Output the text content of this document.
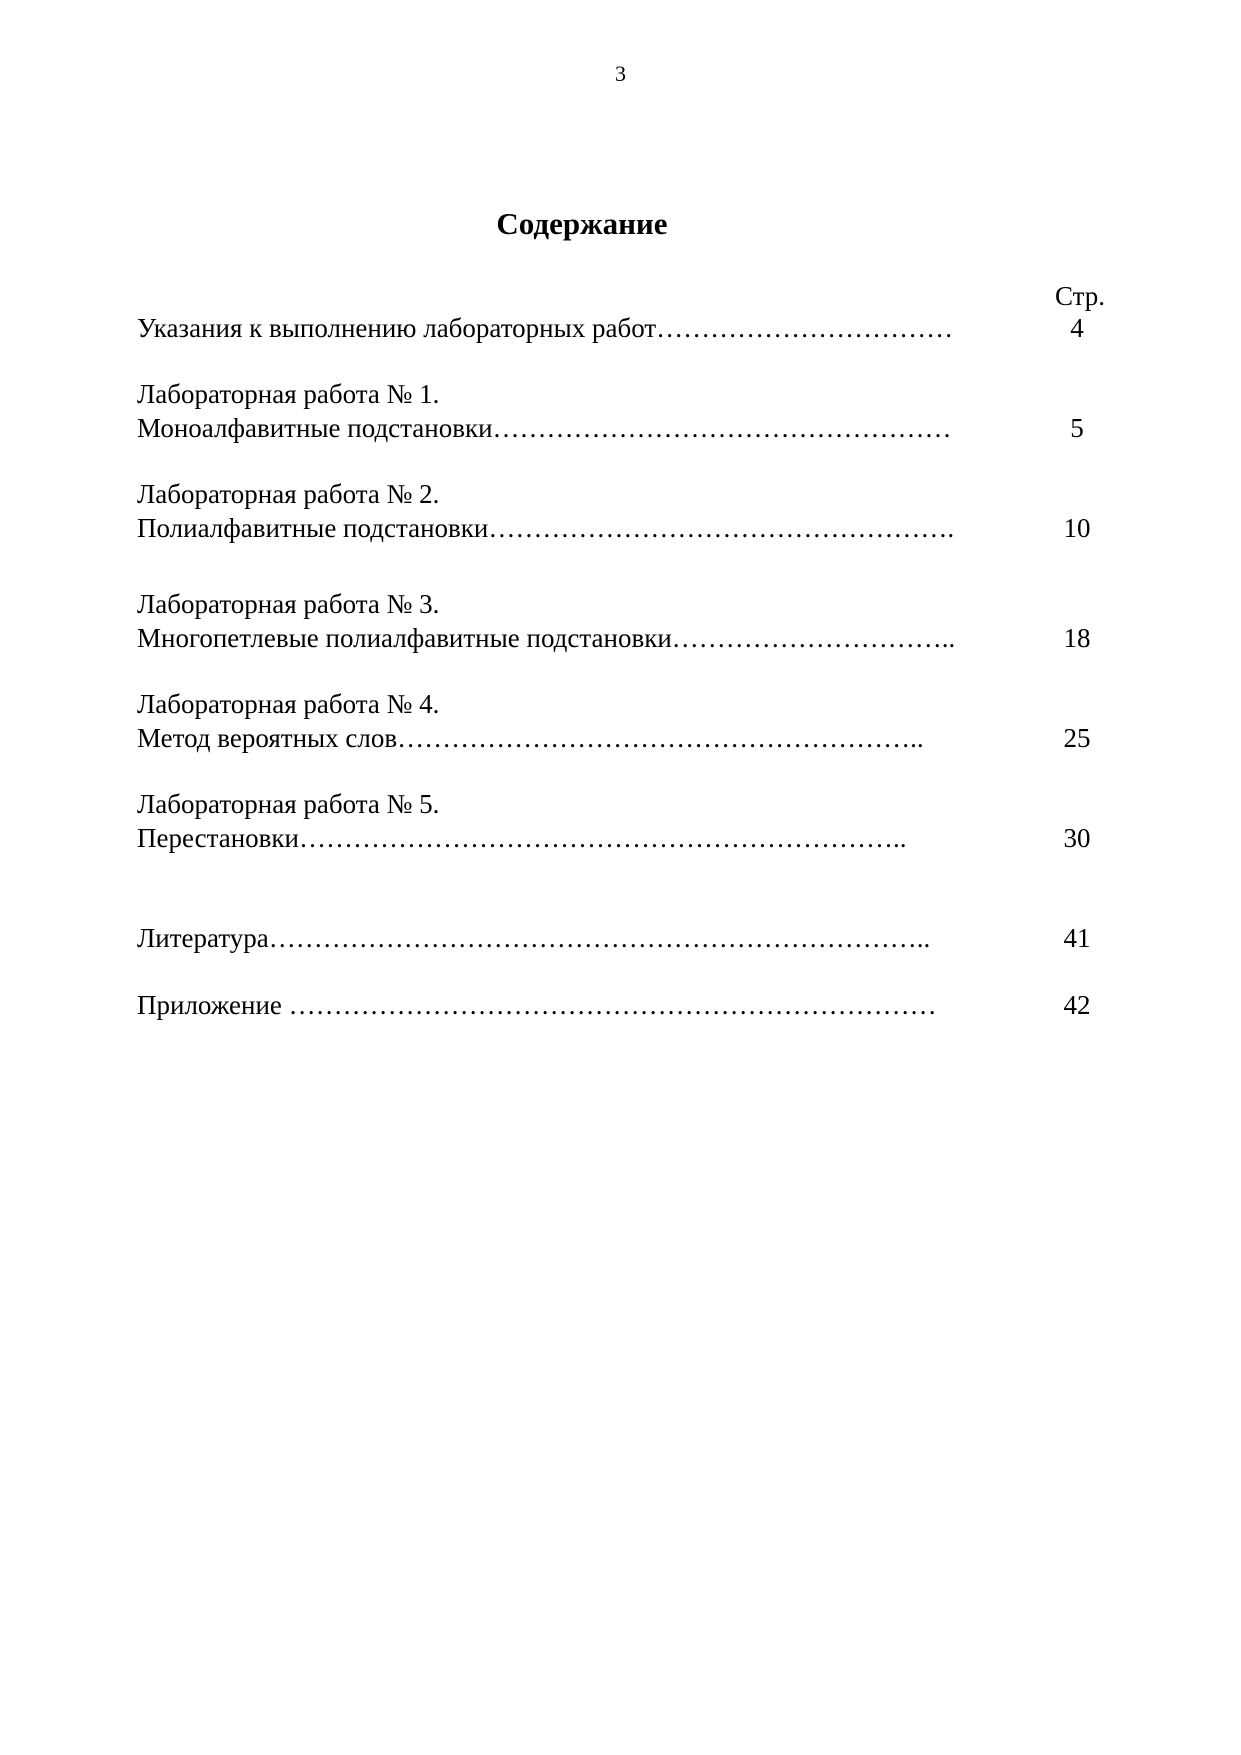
3
Содержание
Стр.
Указания к выполнению лабораторных работ……………………………	4
Лабораторная работа № 1.
Моноалфавитные подстановки……………………………………………	5
Лабораторная работа № 2.
Полиалфавитные подстановки…………………………………………….	10
Лабораторная работа № 3.
Многопетлевые полиалфавитные подстановки…………………………..	18
Лабораторная работа № 4.
Метод вероятных слов…………………………………………………..	25
Лабораторная работа № 5.
Перестановки…………………………………………………………..	30
Литература………………………………………………………………..	41
Приложение ………………………………………………………………	42
